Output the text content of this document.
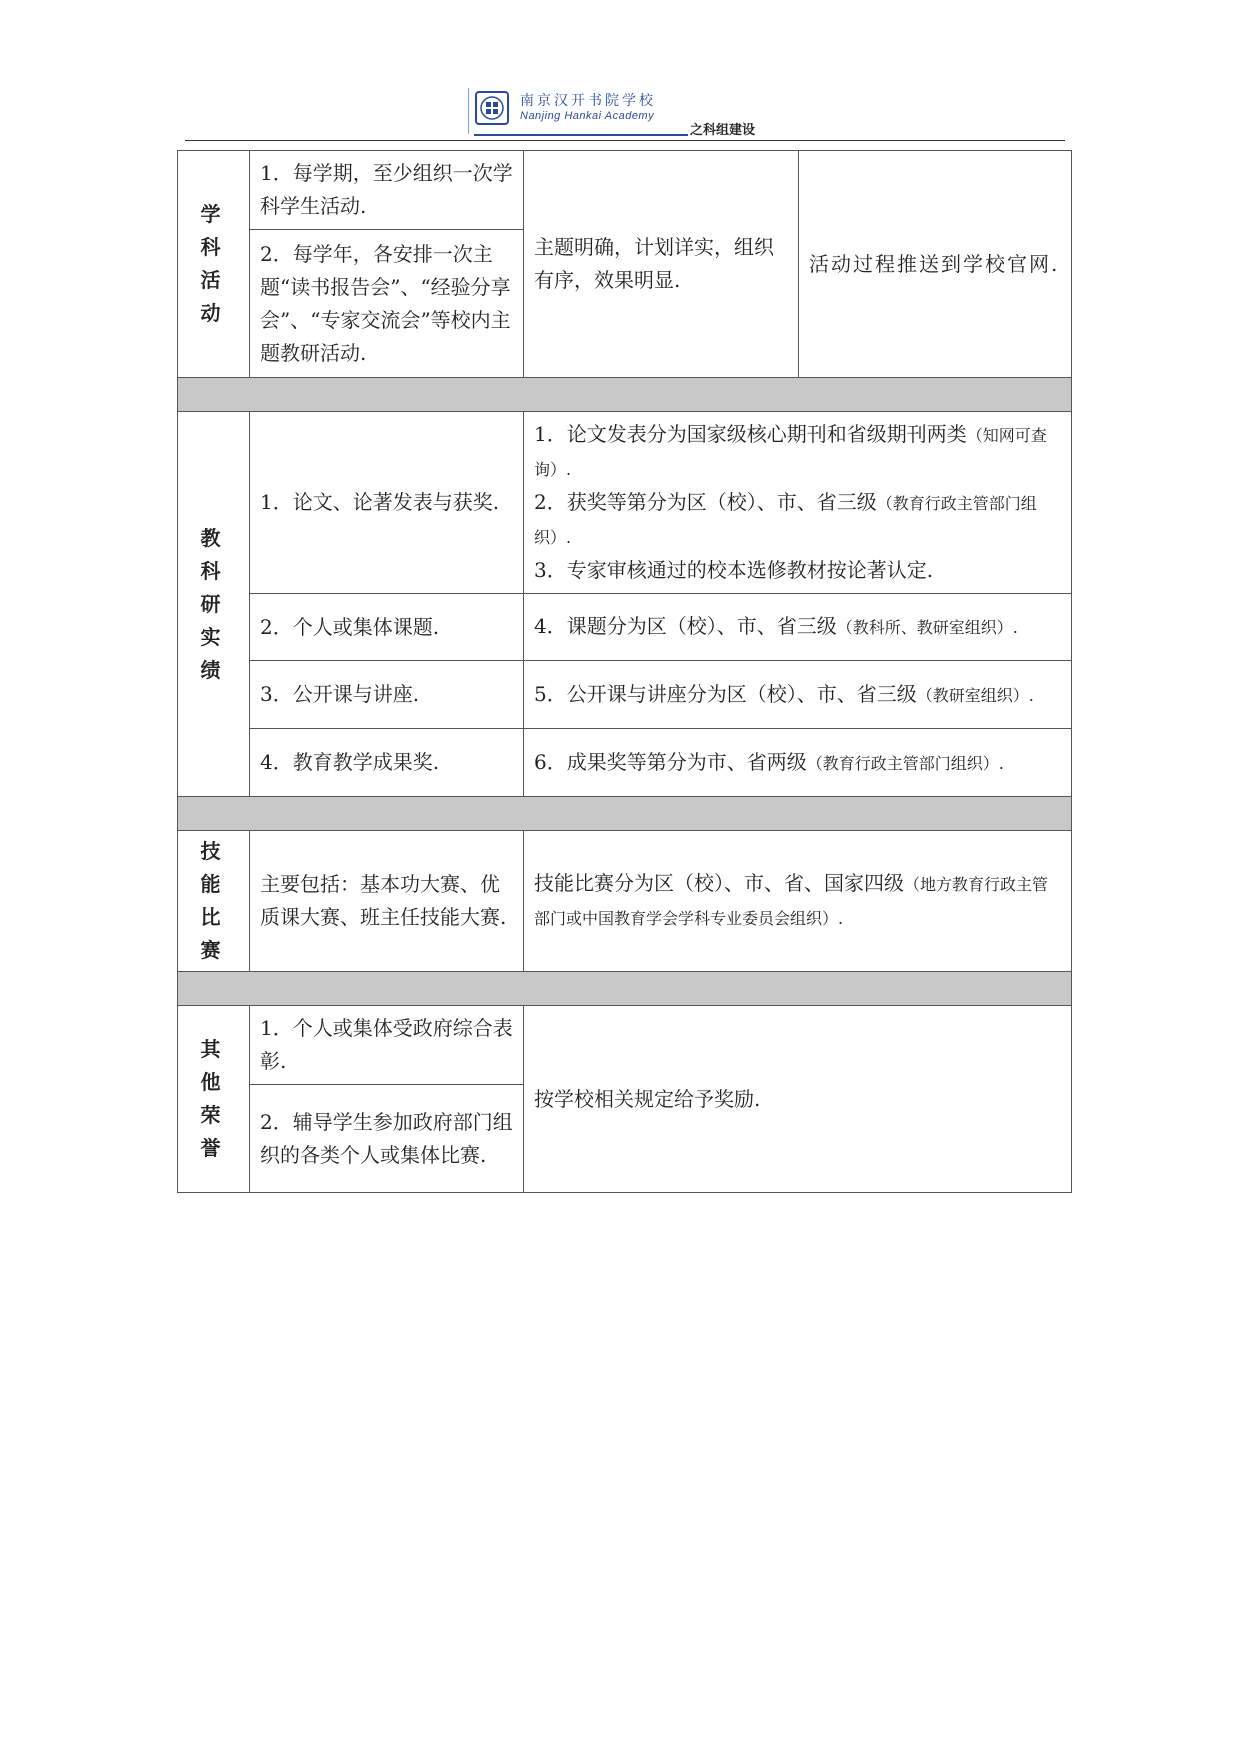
南京汉开书院学校
Nanjing Hankai Academy
之科组建设
学科活动	1．每学期，至少组织一次学科学生活动.	主题明确，计划详实，组织有序，效果明显.	活动过程推送到学校官网.
	2．每学年，各安排一次主题“读书报告会”、“经验分享会”、“专家交流会”等校内主题教研活动.		

教科研实绩	1．论文、论著发表与获奖.	1．论文发表分为国家级核心期刊和省级期刊两类（知网可查询）.
2．获奖等第分为区（校）、市、省三级（教育行政主管部门组织）.
3．专家审核通过的校本选修教材按论著认定.	

	2．个人或集体课题.	4．课题分为区（校）、市、省三级（教科所、教研室组织）.	
	3．公开课与讲座.	5．公开课与讲座分为区（校）、市、省三级（教研室组织）.	
	4．教育教学成果奖.	6．成果奖等第分为市、省两级（教育行政主管部门组织）.	

技能比赛	主要包括：基本功大赛、优质课大赛、班主任技能大赛.	技能比赛分为区（校）、市、省、国家四级（地方教育行政主管部门或中国教育学会学科专业委员会组织）.	

其他荣誉	1．个人或集体受政府综合表彰.	按学校相关规定给予奖励.	
	2．辅导学生参加政府部门组织的各类个人或集体比赛.		
